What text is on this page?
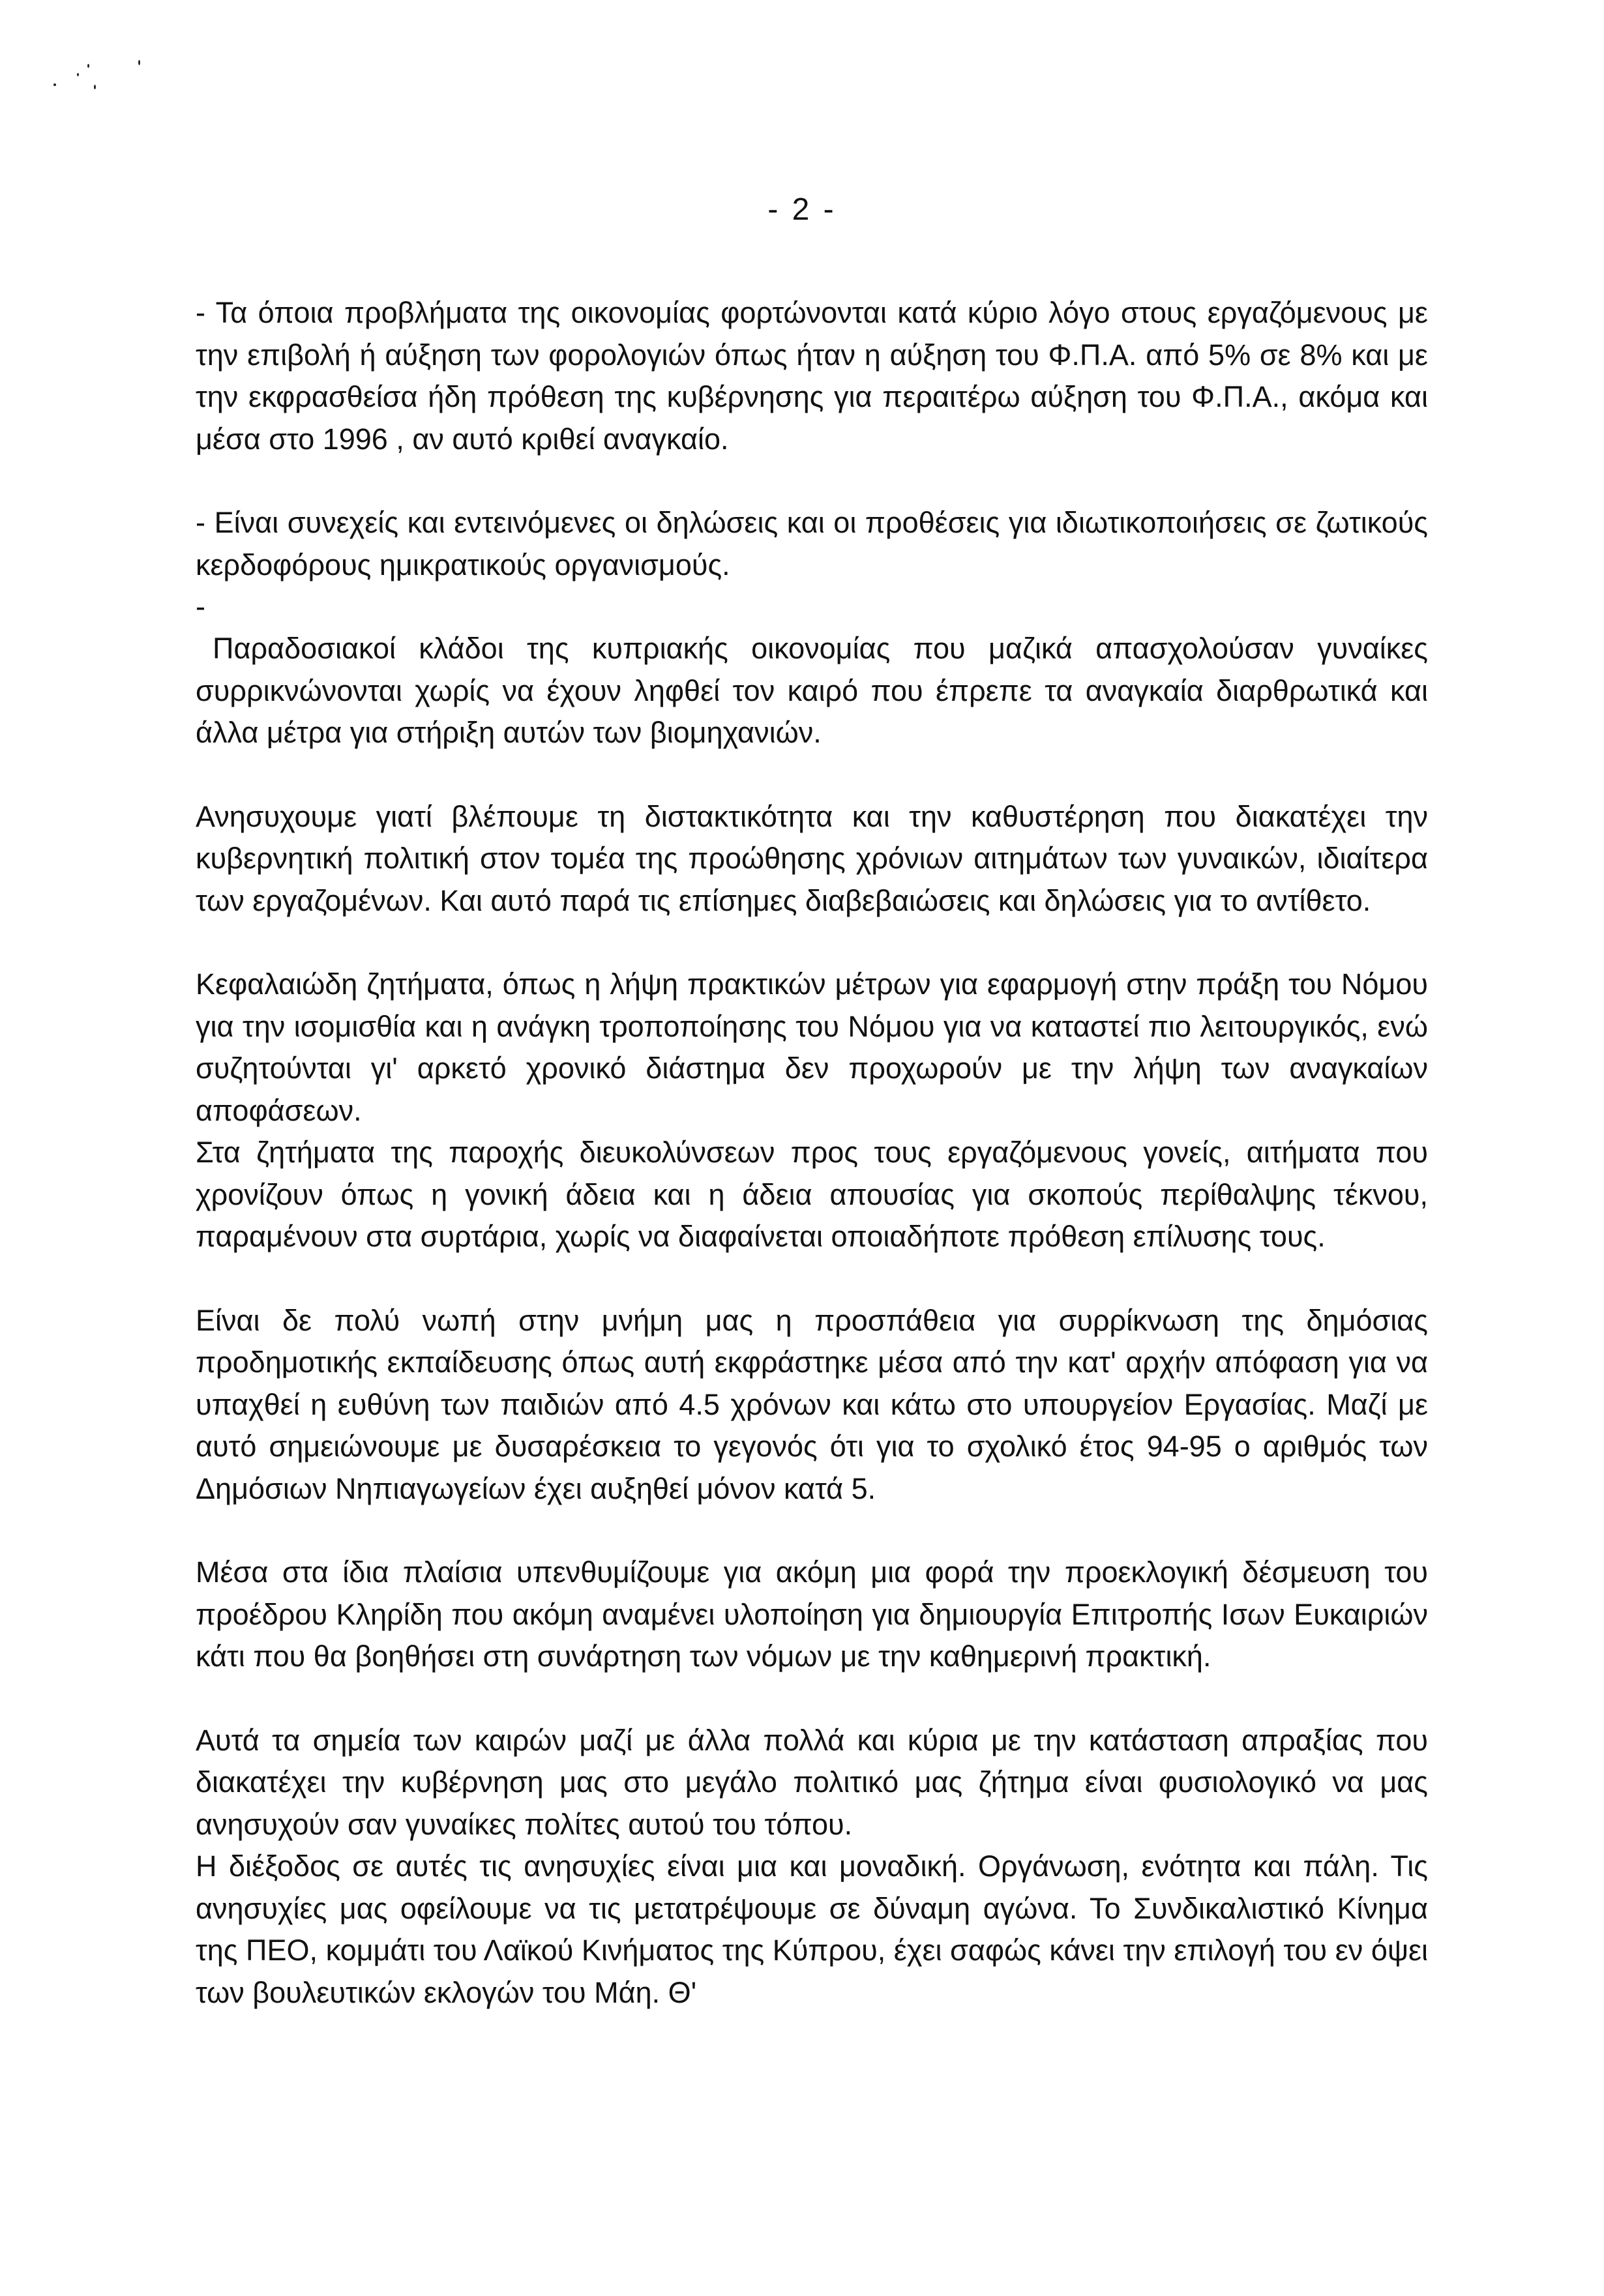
- 2 -

- Τα όποια προβλήματα της οικονομίας φορτώνονται κατά κύριο λόγο στους εργαζόμενους με την επιβολή ή αύξηση των φορολογιών όπως ήταν η αύξηση του Φ.Π.Α. από 5% σε 8% και με την εκφρασθείσα ήδη πρόθεση της κυβέρνησης για περαιτέρω αύξηση του Φ.Π.Α., ακόμα και μέσα στο 1996 , αν αυτό κριθεί αναγκαίο.

- Είναι συνεχείς και εντεινόμενες οι δηλώσεις και οι προθέσεις για ιδιωτικοποιήσεις σε ζωτικούς κερδοφόρους ημικρατικούς οργανισμούς.

-

Παραδοσιακοί κλάδοι της κυπριακής οικονομίας που μαζικά απασχολούσαν γυναίκες συρρικνώνονται χωρίς να έχουν ληφθεί τον καιρό που έπρεπε τα αναγκαία διαρθρωτικά και άλλα μέτρα για στήριξη αυτών των βιομηχανιών.

Ανησυχουμε γιατί βλέπουμε τη διστακτικότητα και την καθυστέρηση που διακατέχει την κυβερνητική πολιτική στον τομέα της προώθησης χρόνιων αιτημάτων των γυναικών, ιδιαίτερα των εργαζομένων. Και αυτό παρά τις επίσημες διαβεβαιώσεις και δηλώσεις για το αντίθετο.

Κεφαλαιώδη ζητήματα, όπως η λήψη πρακτικών μέτρων για εφαρμογή στην πράξη του Νόμου για την ισομισθία και η ανάγκη τροποποίησης του Νόμου για να καταστεί πιο λειτουργικός, ενώ συζητούνται γι' αρκετό χρονικό διάστημα δεν προχωρούν με την λήψη των αναγκαίων αποφάσεων.

Στα ζητήματα της παροχής διευκολύνσεων προς τους εργαζόμενους γονείς, αιτήματα που χρονίζουν όπως η γονική άδεια και η άδεια απουσίας για σκοπούς περίθαλψης τέκνου, παραμένουν στα συρτάρια, χωρίς να διαφαίνεται οποιαδήποτε πρόθεση επίλυσης τους.

Είναι δε πολύ νωπή στην μνήμη μας η προσπάθεια για συρρίκνωση της δημόσιας προδημοτικής εκπαίδευσης όπως αυτή εκφράστηκε μέσα από την κατ' αρχήν απόφαση για να υπαχθεί η ευθύνη των παιδιών από 4.5 χρόνων και κάτω στο υπουργείον Εργασίας. Μαζί με αυτό σημειώνουμε με δυσαρέσκεια το γεγονός ότι για το σχολικό έτος 94-95 ο αριθμός των Δημόσιων Νηπιαγωγείων έχει αυξηθεί μόνον κατά 5.

Μέσα στα ίδια πλαίσια υπενθυμίζουμε για ακόμη μια φορά την προεκλογική δέσμευση του προέδρου Κληρίδη που ακόμη αναμένει υλοποίηση για δημιουργία Επιτροπής Ισων Ευκαιριών κάτι που θα βοηθήσει στη συνάρτηση των νόμων με την καθημερινή πρακτική.

Αυτά τα σημεία των καιρών μαζί με άλλα πολλά και κύρια με την κατάσταση απραξίας που διακατέχει την κυβέρνηση μας στο μεγάλο πολιτικό μας ζήτημα είναι φυσιολογικό να μας ανησυχούν σαν γυναίκες πολίτες αυτού του τόπου.

Η διέξοδος σε αυτές τις ανησυχίες είναι μια και μοναδική. Οργάνωση, ενότητα και πάλη. Τις ανησυχίες μας οφείλουμε να τις μετατρέψουμε σε δύναμη αγώνα. Το Συνδικαλιστικό Κίνημα της ΠΕΟ, κομμάτι του Λαϊκού Κινήματος της Κύπρου, έχει σαφώς κάνει την επιλογή του εν όψει των βουλευτικών εκλογών του Μάη. Θ'
